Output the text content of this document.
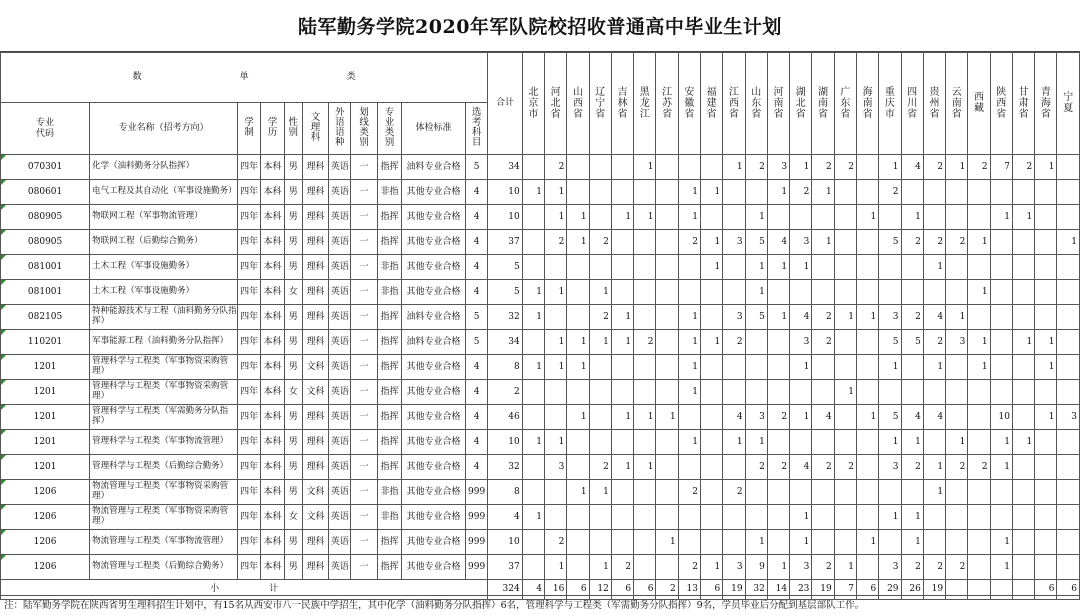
陆军勤务学院2020年军队院校招收普通高中毕业生计划
数 单 类											合计	北京市	河北省	山西省	辽宁省	吉林省	黑龙江	江苏省	安徽省	福建省	江西省	山东省	河南省	湖北省	湖南省	广东省	海南省	重庆市	四川省	贵州省	云南省	西藏	陕西省	甘肃省	青海省	宁夏
专业代码	专业名称（招考方向）	学制	学历	性别	文理科	外语语种	划线类别	专业类别	体检标准	选考科目																										
070301	化学（油料勤务分队指挥）	四年	本科	男	理科	英语	一	指挥	油料专业合格	5	34		2				1				1	2	3	1	2	2		1	4	2	1	2	7	2	1	
080601	电气工程及其自动化（军事设施勤务）	四年	本科	男	理科	英语	一	非指	其他专业合格	4	10	1	1						1	1			1	2	1			2								
080905	物联网工程（军事物流管理）	四年	本科	男	理科	英语	一	指挥	其他专业合格	4	10		1	1		1	1		1			1					1		1				1	1		
080905	物联网工程（后勤综合勤务）	四年	本科	男	理科	英语	一	指挥	其他专业合格	4	37		2	1	2				2	1	3	5	4	3	1			5	2	2	2	1				1
081001	土木工程（军事设施勤务）	四年	本科	男	理科	英语	一	非指	其他专业合格	4	5									1		1	1	1						1						
081001	土木工程（军事设施勤务）	四年	本科	女	理科	英语	一	非指	其他专业合格	4	5	1	1		1							1										1				
082105	特种能源技术与工程（油料勤务分队指挥）	四年	本科	男	理科	英语	一	指挥	油料专业合格	5	32	1			2	1			1		3	5	1	4	2	1	1	3	2	4	1					
110201	军事能源工程（油料勤务分队指挥）	四年	本科	男	理科	英语	一	指挥	油料专业合格	5	34		1	1	1	1	2		1	1	2			3	2			5	5	2	3	1		1	1	
1201	管理科学与工程类（军事物资采购管理）	四年	本科	男	文科	英语	一	指挥	其他专业合格	4	8	1	1	1					1					1				1		1		1			1	
1201	管理科学与工程类（军事物资采购管理）	四年	本科	女	文科	英语	一	指挥	其他专业合格	4	2								1							1										
1201	管理科学与工程类（军需勤务分队指挥）	四年	本科	男	理科	英语	一	指挥	其他专业合格	4	46			1		1	1	1			4	3	2	1	4		1	5	4	4			10		1	3
1201	管理科学与工程类（军事物流管理）	四年	本科	男	理科	英语	一	指挥	其他专业合格	4	10	1	1						1		1	1						1	1		1		1	1		
1201	管理科学与工程类（后勤综合勤务）	四年	本科	男	理科	英语	一	指挥	其他专业合格	4	32		3		2	1	1					2	2	4	2	2		3	2	1	2	2	1			
1206	物流管理与工程类（军事物资采购管理）	四年	本科	男	文科	英语	一	非指	其他专业合格	999	8			1	1				2		2									1						
1206	物流管理与工程类（军事物资采购管理）	四年	本科	女	文科	英语	一	非指	其他专业合格	999	4	1												1				1	1							
1206	物流管理与工程类（军事物流管理）	四年	本科	男	理科	英语	一	指挥	其他专业合格	999	10		2					1				1		1			1		1				1			
1206	物流管理与工程类（后勤综合勤务）	四年	本科	男	理科	英语	一	指挥	其他专业合格	999	37		1		1	2			2	1	3	9	1	3	2	1		3	2	2	2		1			
小 计											324	4	16	6	12	6	6	2	13	6	19	32	14	23	19	7	6	29	26	19					6	6
注：陆军勤务学院在陕西省男生理科招生计划中，有15名从西安市八一民族中学招生，其中化学（油料勤务分队指挥）6名，管理科学与工程类（军需勤务分队指挥）9名，学员毕业后分配到基层部队工作。
